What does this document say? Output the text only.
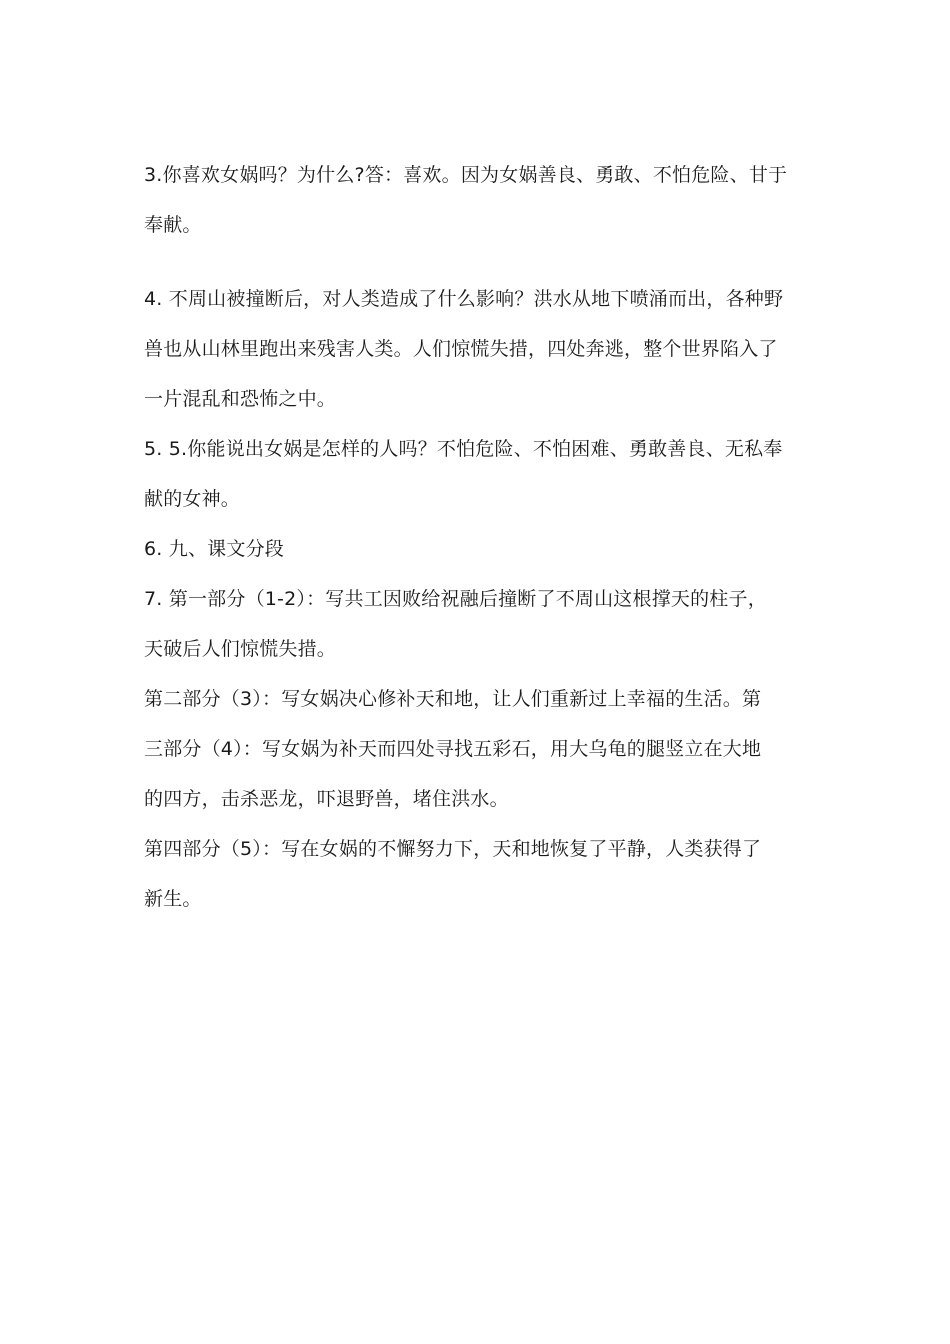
3.你喜欢女娲吗？为什么?答：喜欢。因为女娲善良、勇敢、不怕危险、甘于
奉献。
4. 不周山被撞断后，对人类造成了什么影响？洪水从地下喷涌而出，各种野
兽也从山林里跑出来残害人类。人们惊慌失措，四处奔逃，整个世界陷入了
一片混乱和恐怖之中。
5. 5.你能说出女娲是怎样的人吗？不怕危险、不怕困难、勇敢善良、无私奉
献的女神。
6. 九、课文分段
7. 第一部分（1-2）：写共工因败给祝融后撞断了不周山这根撑天的柱子，
天破后人们惊慌失措。
第二部分（3）：写女娲决心修补天和地，让人们重新过上幸福的生活。第
三部分（4）：写女娲为补天而四处寻找五彩石，用大乌龟的腿竖立在大地
的四方，击杀恶龙，吓退野兽，堵住洪水。
第四部分（5）：写在女娲的不懈努力下，天和地恢复了平静，人类获得了
新生。
